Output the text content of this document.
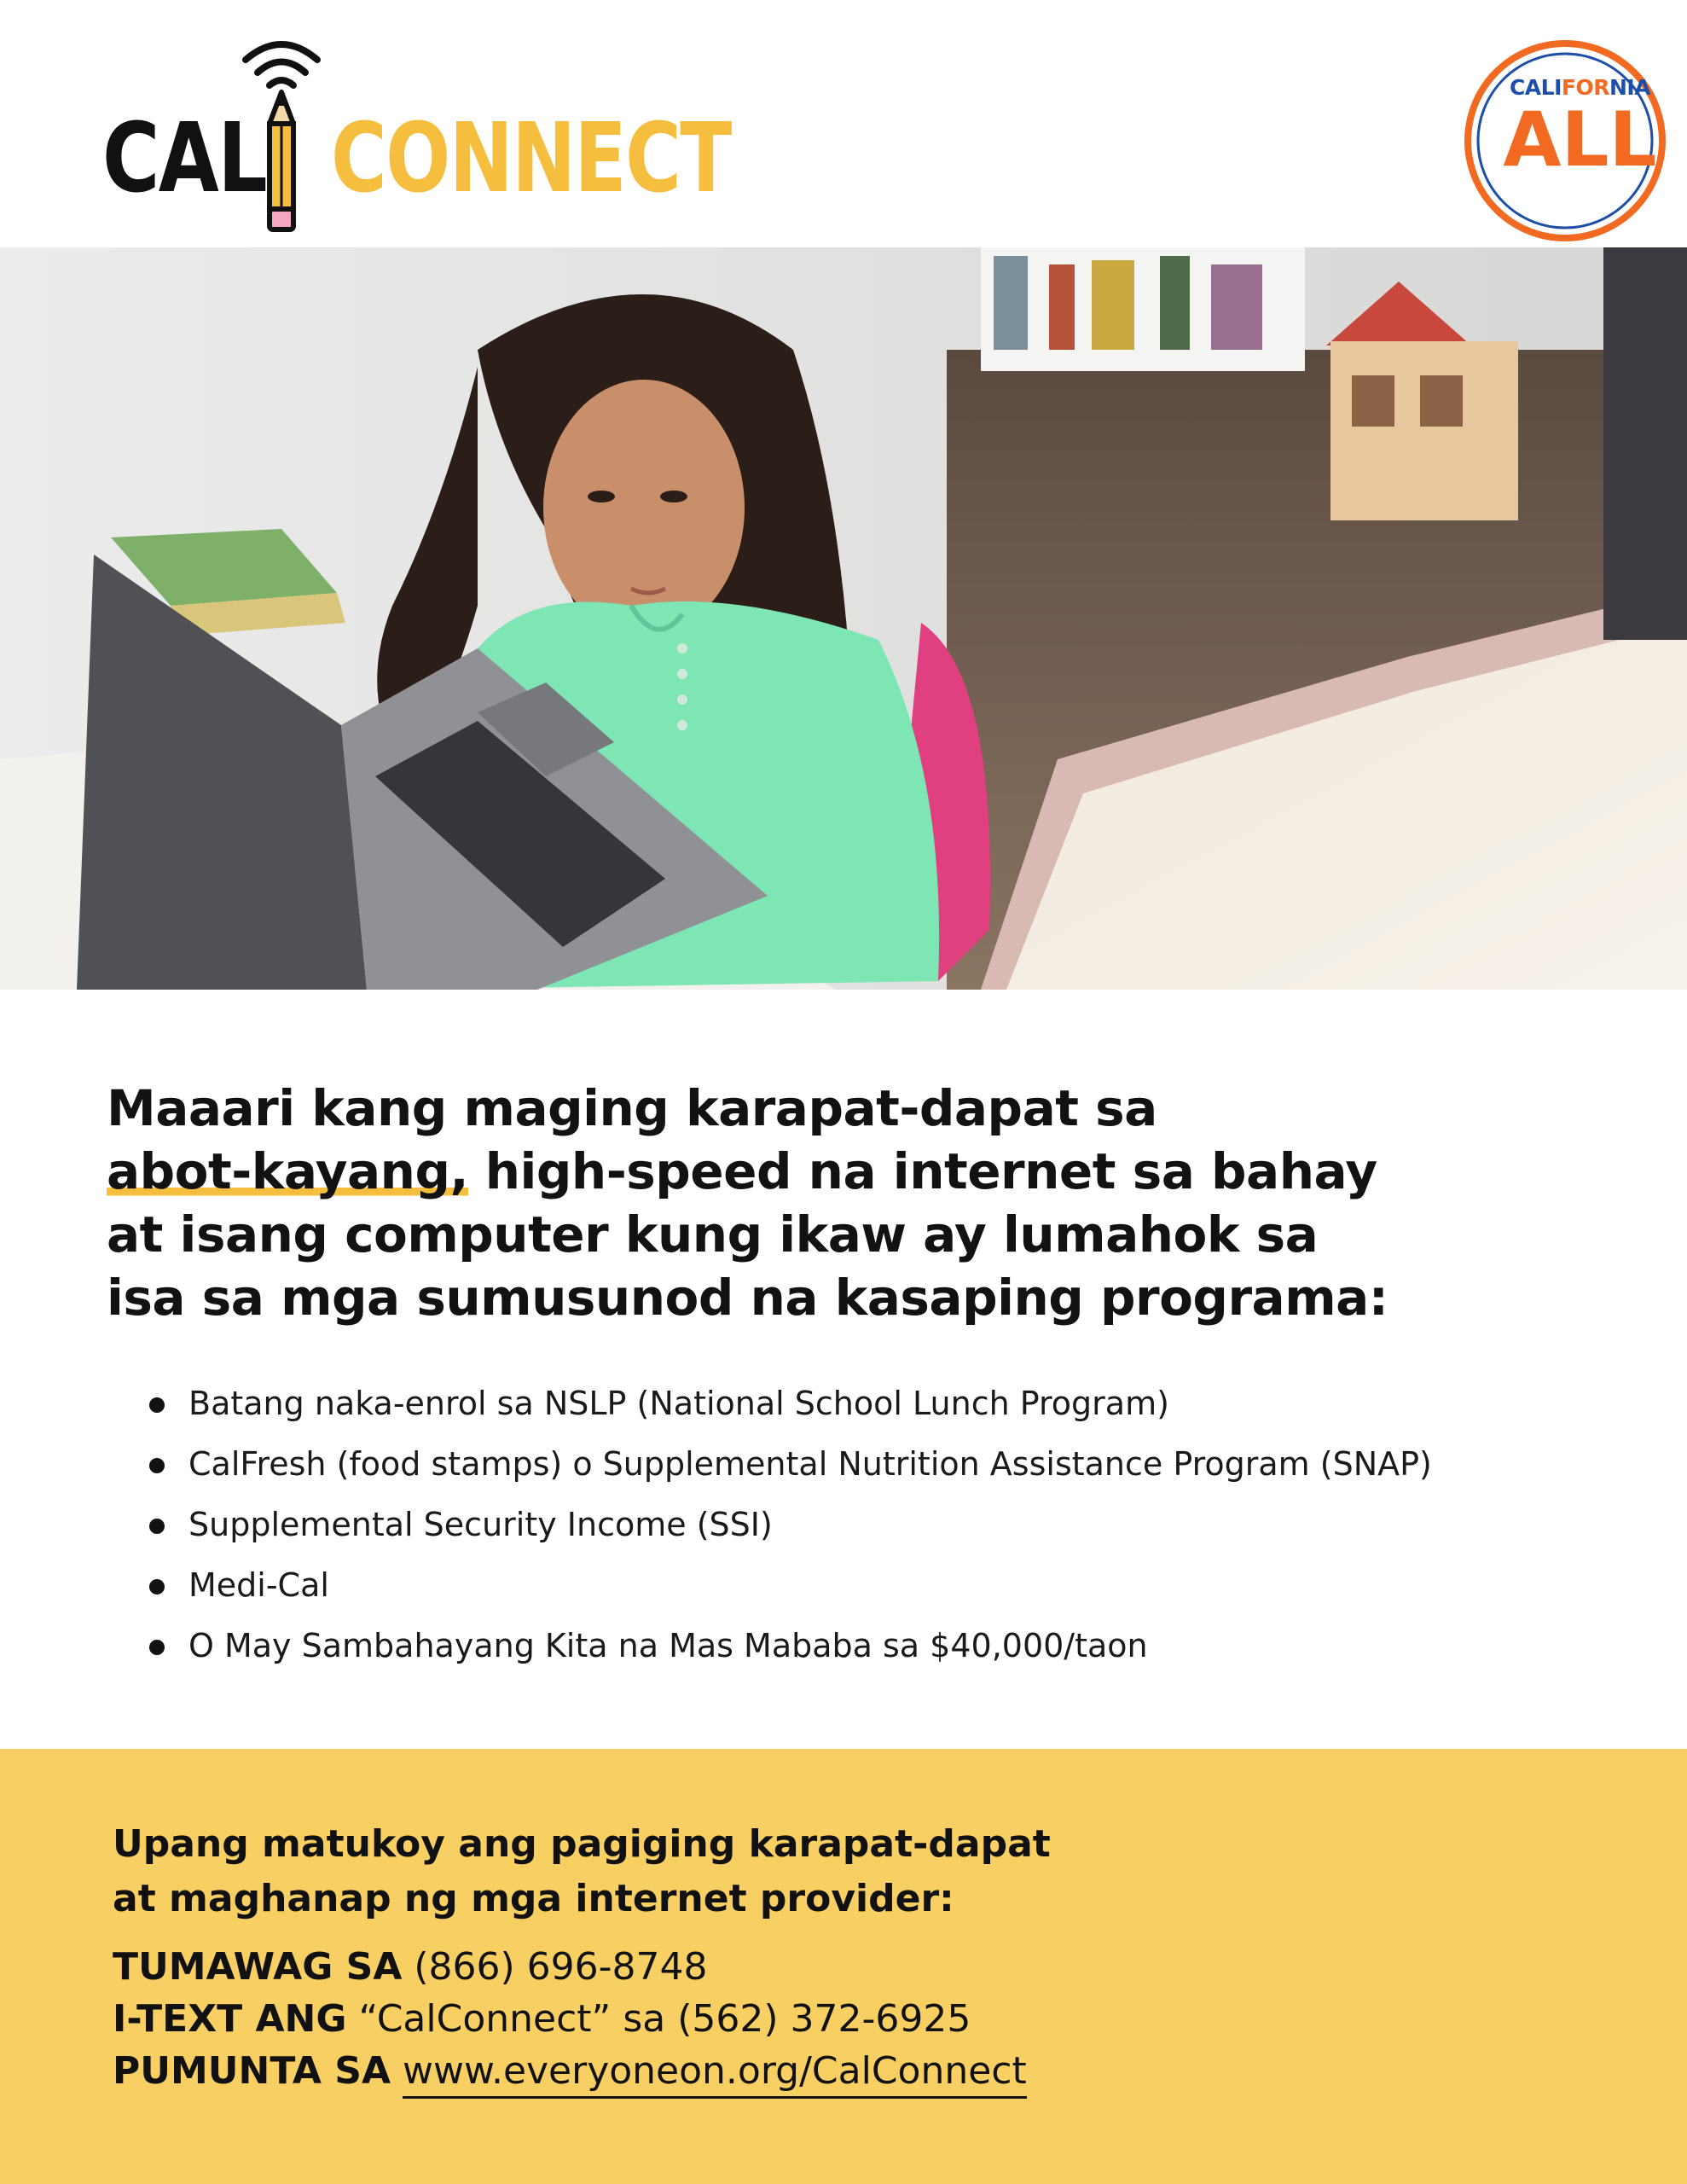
CAL CONNECT
CALIFORNIA
ALL
Maaari kang maging karapat-dapat sa
abot-kayang, high-speed na internet sa bahay
at isang computer kung ikaw ay lumahok sa
isa sa mga sumusunod na kasaping programa:
Batang naka-enrol sa NSLP (National School Lunch Program)
CalFresh (food stamps) o Supplemental Nutrition Assistance Program (SNAP)
Supplemental Security Income (SSI)
Medi-Cal
O May Sambahayang Kita na Mas Mababa sa $40,000/taon
Upang matukoy ang pagiging karapat-dapat
at maghanap ng mga internet provider:
TUMAWAG SA (866) 696-8748
I-TEXT ANG “CalConnect” sa (562) 372-6925
PUMUNTA SA www.everyoneon.org/CalConnect
